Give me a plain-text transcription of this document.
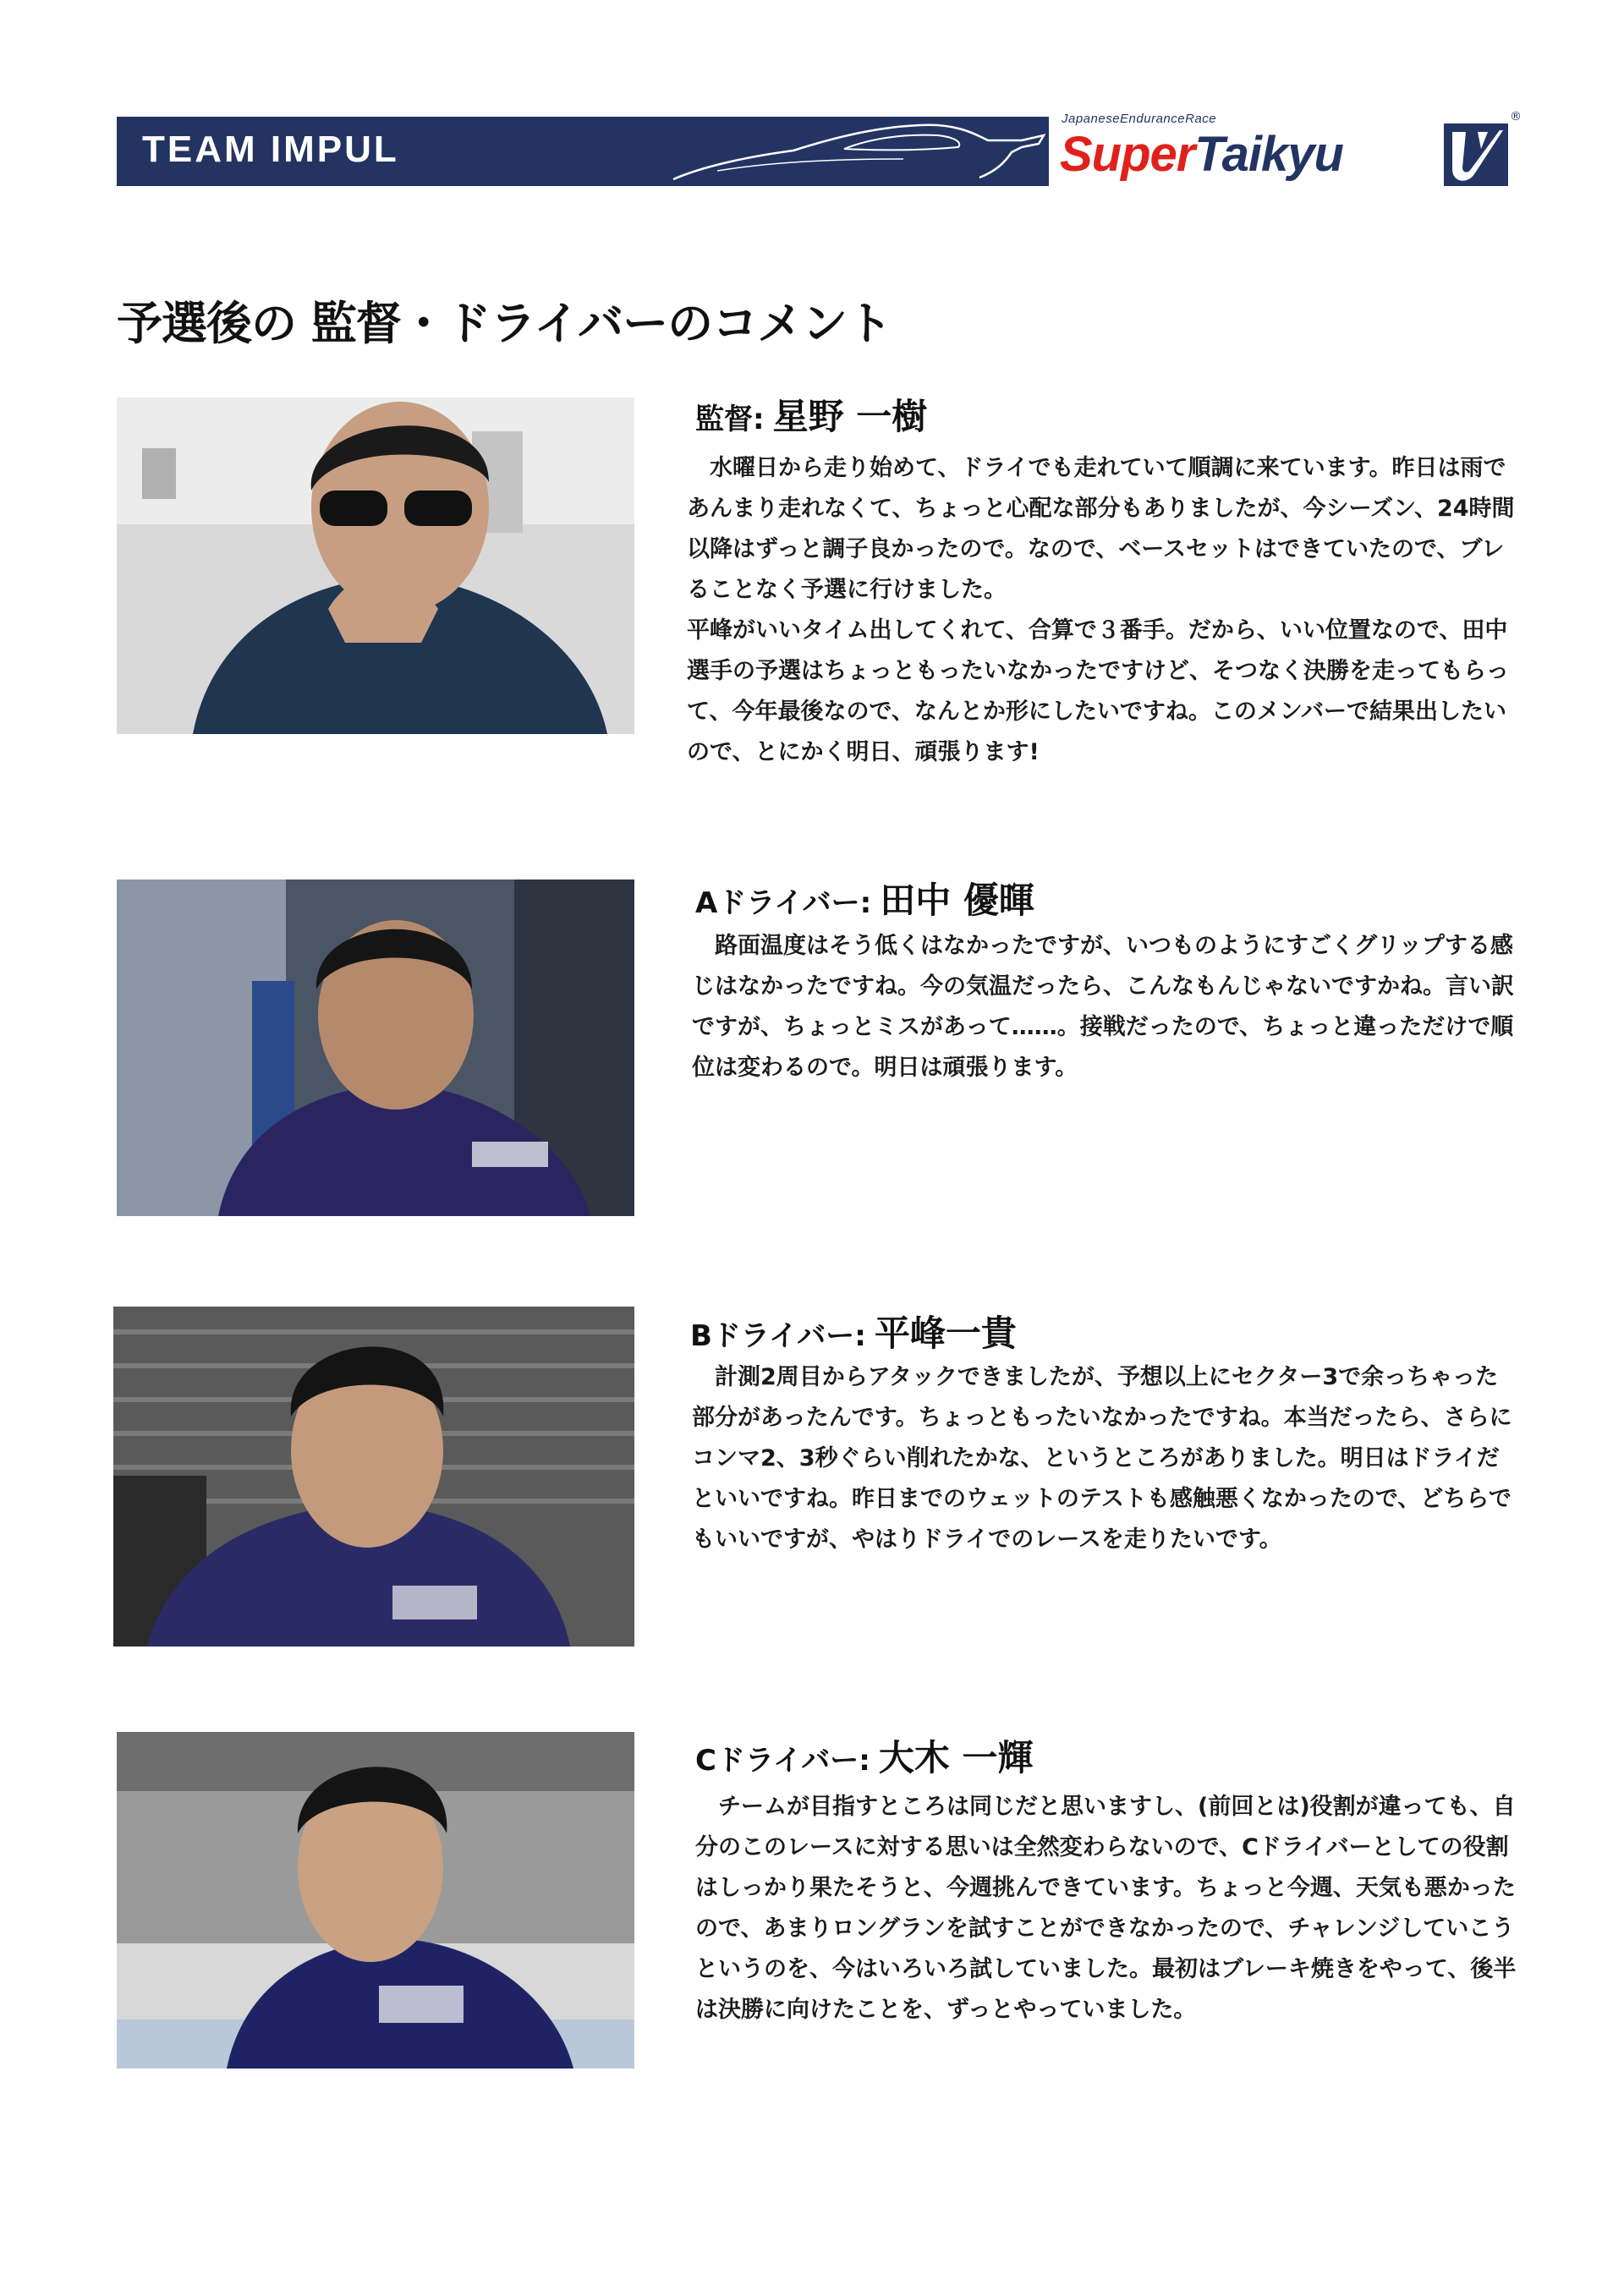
TEAM IMPUL
JapaneseEnduranceRace
SuperTaikyu
®
予選後の 監督・ドライバーのコメント
監督: 星野 一樹

水曜日から走り始めて、ドライでも走れていて順調に来ています。昨日は雨であんまり走れなくて、ちょっと心配な部分もありましたが、今シーズン、24時間以降はずっと調子良かったので。なので、ベースセットはできていたので、ブレることなく予選に行けました。

平峰がいいタイム出してくれて、合算で３番手。だから、いい位置なので、田中選手の予選はちょっともったいなかったですけど、そつなく決勝を走ってもらって、今年最後なので、なんとか形にしたいですね。このメンバーで結果出したいので、とにかく明日、頑張ります!

Aドライバー: 田中 優暉

路面温度はそう低くはなかったですが、いつものようにすごくグリップする感じはなかったですね。今の気温だったら、こんなもんじゃないですかね。言い訳ですが、ちょっとミスがあって……。接戦だったので、ちょっと違っただけで順位は変わるので。明日は頑張ります。

Bドライバー: 平峰一貴

計測2周目からアタックできましたが、予想以上にセクター3で余っちゃった部分があったんです。ちょっともったいなかったですね。本当だったら、さらにコンマ2、3秒ぐらい削れたかな、というところがありました。明日はドライだといいですね。昨日までのウェットのテストも感触悪くなかったので、どちらでもいいですが、やはりドライでのレースを走りたいです。

Cドライバー: 大木 一輝

チームが目指すところは同じだと思いますし、(前回とは)役割が違っても、自分のこのレースに対する思いは全然変わらないので、Cドライバーとしての役割はしっかり果たそうと、今週挑んできています。ちょっと今週、天気も悪かったので、あまりロングランを試すことができなかったので、チャレンジしていこうというのを、今はいろいろ試していました。最初はブレーキ焼きをやって、後半は決勝に向けたことを、ずっとやっていました。
